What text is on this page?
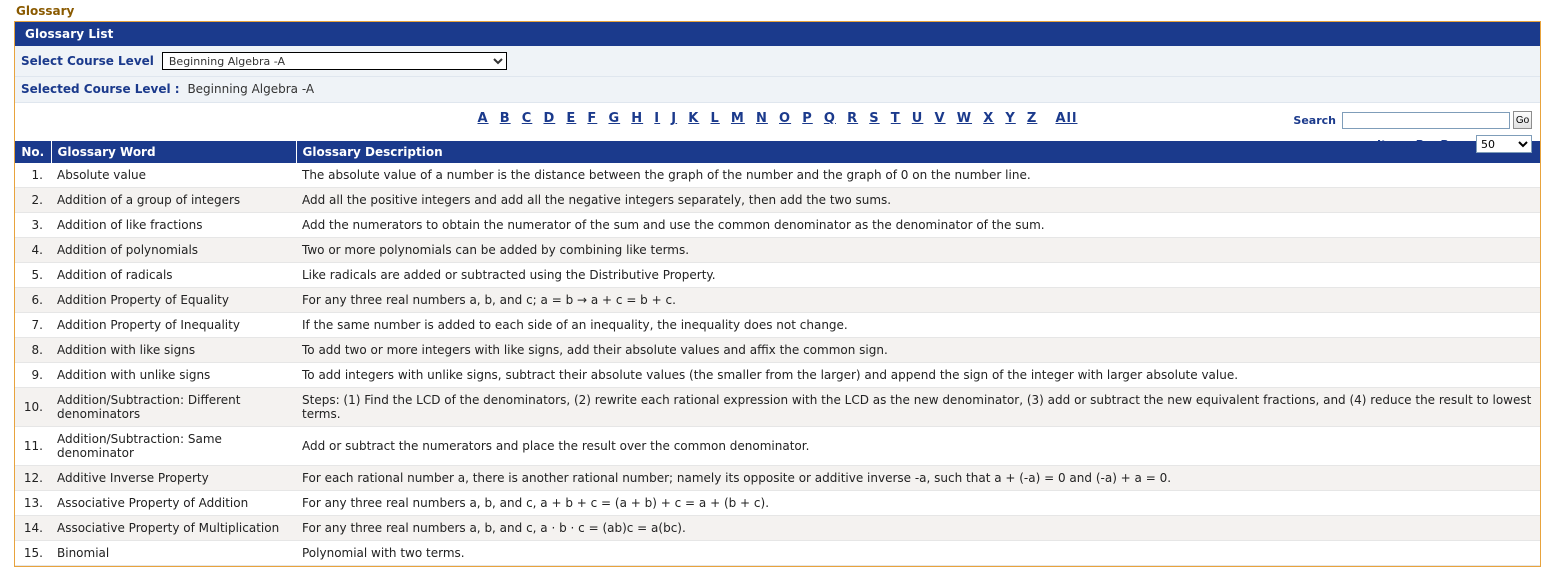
Glossary
Glossary List
Select Course Level
Beginning Algebra -A
Selected Course Level : Beginning Algebra -A
A B C D E F G H I J K L M N O P Q R S T U V W X Y Z All	Search	Go
Items Per Page
50
No.	Glossary Word	Glossary Description
1.	Absolute value	The absolute value of a number is the distance between the graph of the number and the graph of 0 on the number line.
2.	Addition of a group of integers	Add all the positive integers and add all the negative integers separately, then add the two sums.
3.	Addition of like fractions	Add the numerators to obtain the numerator of the sum and use the common denominator as the denominator of the sum.
4.	Addition of polynomials	Two or more polynomials can be added by combining like terms.
5.	Addition of radicals	Like radicals are added or subtracted using the Distributive Property.
6.	Addition Property of Equality	For any three real numbers a, b, and c; a = b → a + c = b + c.
7.	Addition Property of Inequality	If the same number is added to each side of an inequality, the inequality does not change.
8.	Addition with like signs	To add two or more integers with like signs, add their absolute values and affix the common sign.
9.	Addition with unlike signs	To add integers with unlike signs, subtract their absolute values (the smaller from the larger) and append the sign of the integer with larger absolute value.
10.	Addition/Subtraction: Different denominators	Steps: (1) Find the LCD of the denominators, (2) rewrite each rational expression with the LCD as the new denominator, (3) add or subtract the new equivalent fractions, and (4) reduce the result to lowest terms.
11.	Addition/Subtraction: Same denominator	Add or subtract the numerators and place the result over the common denominator.
12.	Additive Inverse Property	For each rational number a, there is another rational number; namely its opposite or additive inverse -a, such that a + (-a) = 0 and (-a) + a = 0.
13.	Associative Property of Addition	For any three real numbers a, b, and c, a + b + c = (a + b) + c = a + (b + c).
14.	Associative Property of Multiplication	For any three real numbers a, b, and c, a · b · c = (ab)c = a(bc).
15.	Binomial	Polynomial with two terms.
